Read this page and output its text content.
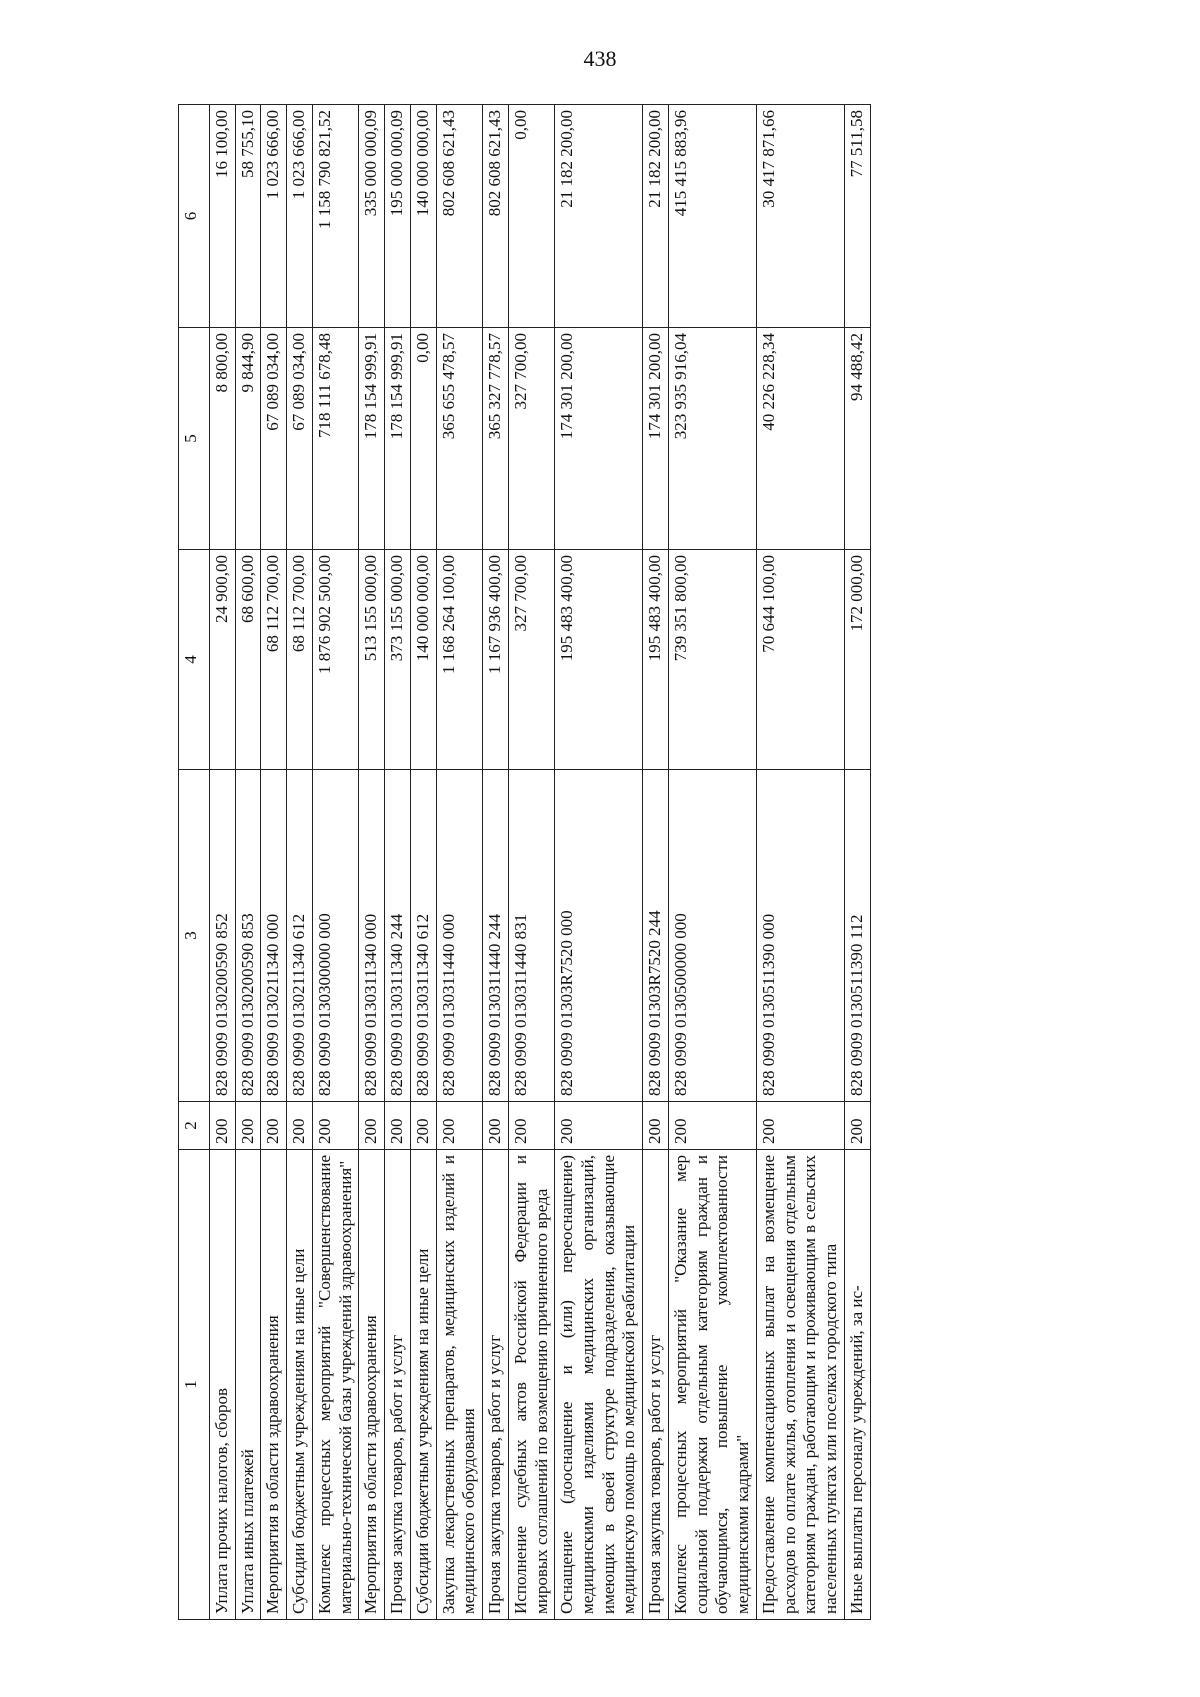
438
1	2	3	4	5	6
Уплата прочих налогов, сборов	200	828 0909 0130200590 852	24 900,00	8 800,00	16 100,00
Уплата иных платежей	200	828 0909 0130200590 853	68 600,00	9 844,90	58 755,10
Мероприятия в области здравоохранения	200	828 0909 0130211340 000	68 112 700,00	67 089 034,00	1 023 666,00
Субсидии бюджетным учреждениям на иные цели	200	828 0909 0130211340 612	68 112 700,00	67 089 034,00	1 023 666,00
Комплекс процессных мероприятий "Совершенствование материально-технической базы учреждений здравоохранения"	200	828 0909 0130300000 000	1 876 902 500,00	718 111 678,48	1 158 790 821,52
Мероприятия в области здравоохранения	200	828 0909 0130311340 000	513 155 000,00	178 154 999,91	335 000 000,09
Прочая закупка товаров, работ и услуг	200	828 0909 0130311340 244	373 155 000,00	178 154 999,91	195 000 000,09
Субсидии бюджетным учреждениям на иные цели	200	828 0909 0130311340 612	140 000 000,00	0,00	140 000 000,00
Закупка лекарственных препаратов, медицинских изделий и медицинского оборудования	200	828 0909 0130311440 000	1 168 264 100,00	365 655 478,57	802 608 621,43
Прочая закупка товаров, работ и услуг	200	828 0909 0130311440 244	1 167 936 400,00	365 327 778,57	802 608 621,43
Исполнение судебных актов Российской Федерации и мировых соглашений по возмещению причиненного вреда	200	828 0909 0130311440 831	327 700,00	327 700,00	0,00
Оснащение (дооснащение и (или) переоснащение) медицинскими изделиями медицинских организаций, имеющих в своей структуре подразделения, оказывающие медицинскую помощь по медицинской реабилитации	200	828 0909 01303R7520 000	195 483 400,00	174 301 200,00	21 182 200,00
Прочая закупка товаров, работ и услуг	200	828 0909 01303R7520 244	195 483 400,00	174 301 200,00	21 182 200,00
Комплекс процессных мероприятий "Оказание мер социальной поддержки отдельным категориям граждан и обучающимся, повышение укомплектованности медицинскими кадрами"	200	828 0909 0130500000 000	739 351 800,00	323 935 916,04	415 415 883,96
Предоставление компенсационных выплат на возмещение расходов по оплате жилья, отопления и освещения отдельным категориям граждан, работающим и проживающим в сельских населенных пунктах или поселках городского типа	200	828 0909 0130511390 000	70 644 100,00	40 226 228,34	30 417 871,66
Иные выплаты персоналу учреждений, за ис-	200	828 0909 0130511390 112	172 000,00	94 488,42	77 511,58
